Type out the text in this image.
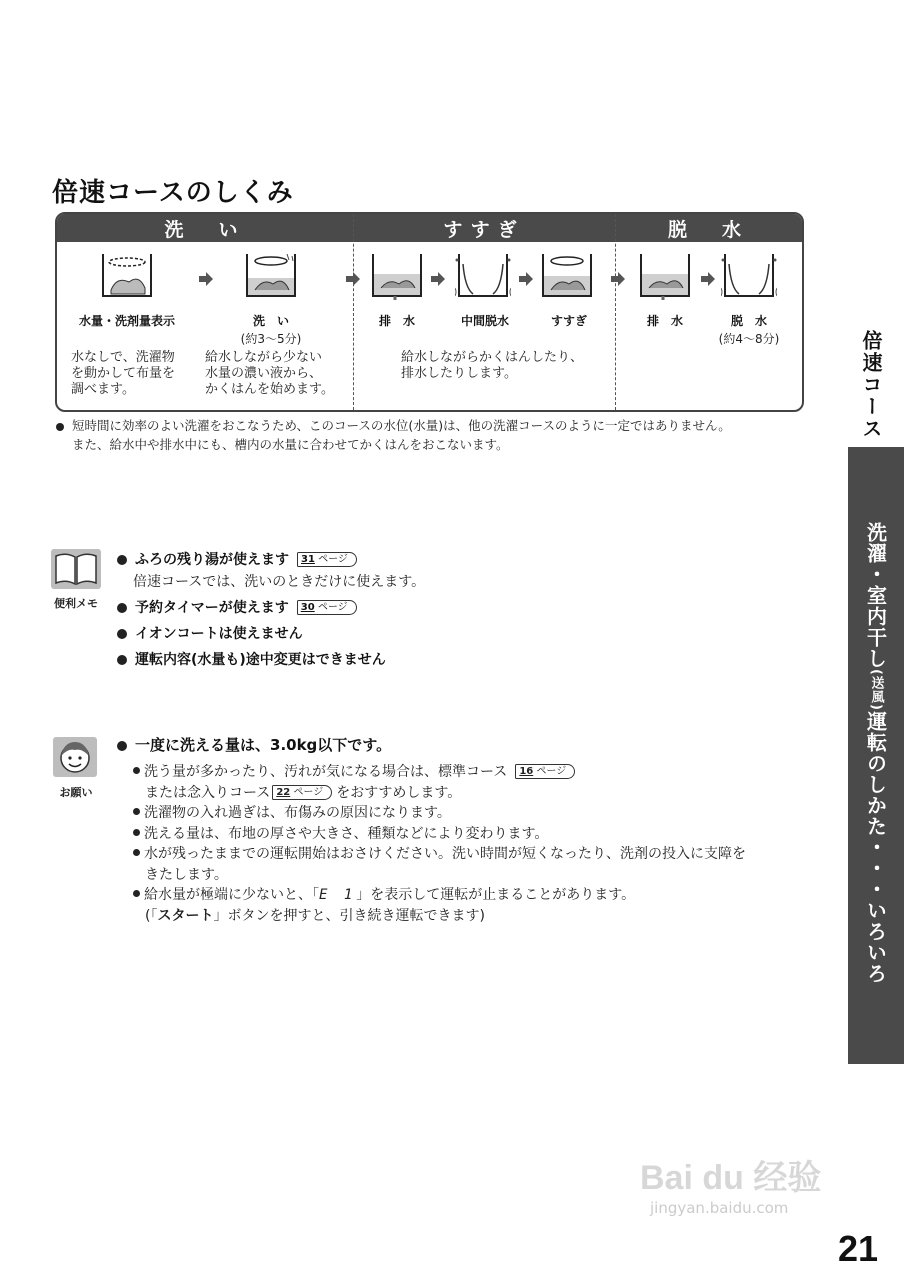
倍速コースのしくみ
洗　い	すすぎ	脱　水
水量・洗剤量表示	洗　い
(約3～5分)
排　水	中間脱水	すすぎ	排　水	脱　水
(約4～8分)
水なしで、洗濯物
を動かして布量を
調べます。
給水しながら少ない
水量の濃い液から、
かくはんを始めます。
給水しながらかくはんしたり、
排水したりします。
短時間に効率のよい洗濯をおこなうため、このコースの水位(水量)は、他の洗濯コースのように一定ではありません。
また、給水中や排水中にも、槽内の水量に合わせてかくはんをおこないます。
便利メモ
ふろの残り湯が使えます 31 ページ
倍速コースでは、洗いのときだけに使えます。
予約タイマーが使えます 30 ページ
イオンコートは使えません
運転内容(水量も)途中変更はできません
お願い
一度に洗える量は、3.0kg以下です。
洗う量が多かったり、汚れが気になる場合は、標準コース 16 ページ
または念入りコース 22 ページ をおすすめします。
洗濯物の入れ過ぎは、布傷みの原因になります。
洗える量は、布地の厚さや大きさ、種類などにより変わります。
水が残ったままでの運転開始はおさけください。洗い時間が短くなったり、洗剤の投入に支障を
きたします。
給水量が極端に少ないと、「E 1」を表示して運転が止まることがあります。
(「スタート」ボタンを押すと、引き続き運転できます)
倍速コース
洗濯・室内干し
(送風)
運転のしかた・・・いろいろ
Bai du 经验
jingyan.baidu.com
21
